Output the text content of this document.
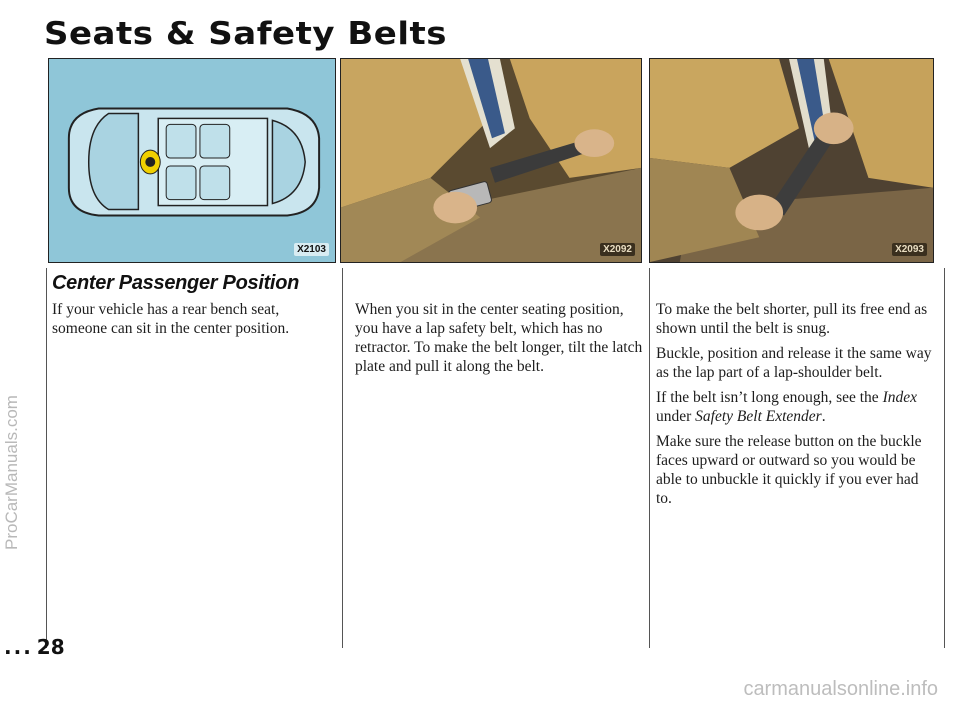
Seats & Safety Belts
X2103	X2092	X2093
Center Passenger Position

If your vehicle has a rear bench seat, someone can sit in the center position.

When you sit in the center seating position, you have a lap safety belt, which has no retractor. To make the belt longer, tilt the latch plate and pull it along the belt.

To make the belt shorter, pull its free end as shown until the belt is snug.

Buckle, position and release it the same way as the lap part of a lap-shoulder belt.

If the belt isn’t long enough, see the Index under Safety Belt Extender.

Make sure the release button on the buckle faces upward or outward so you would be able to unbuckle it quickly if you ever had to.

... 28
ProCarManuals.com
carmanualsonline.info
